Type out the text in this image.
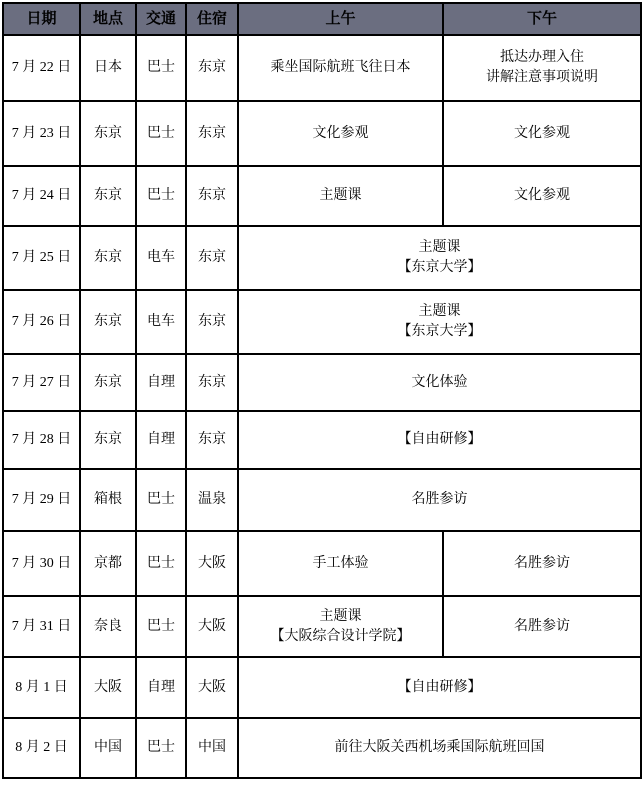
日期	地点	交通	住宿	上午	下午
7 月 22 日	日本	巴士	东京	乘坐国际航班飞往日本	抵达办理入住
讲解注意事项说明

7 月 23 日	东京	巴士	东京	文化参观	文化参观
7 月 24 日	东京	巴士	东京	主题课	文化参观
7 月 25 日	东京	电车	东京	主题课
【东京大学】	

7 月 26 日	东京	电车	东京	主题课
【东京大学】	

7 月 27 日	东京	自理	东京	文化体验	
7 月 28 日	东京	自理	东京	【自由研修】	
7 月 29 日	箱根	巴士	温泉	名胜参访	
7 月 30 日	京都	巴士	大阪	手工体验	名胜参访
7 月 31 日	奈良	巴士	大阪	主题课
【大阪综合设计学院】	名胜参访
8 月 1 日	大阪	自理	大阪	【自由研修】	
8 月 2 日	中国	巴士	中国	前往大阪关西机场乘国际航班回国	
